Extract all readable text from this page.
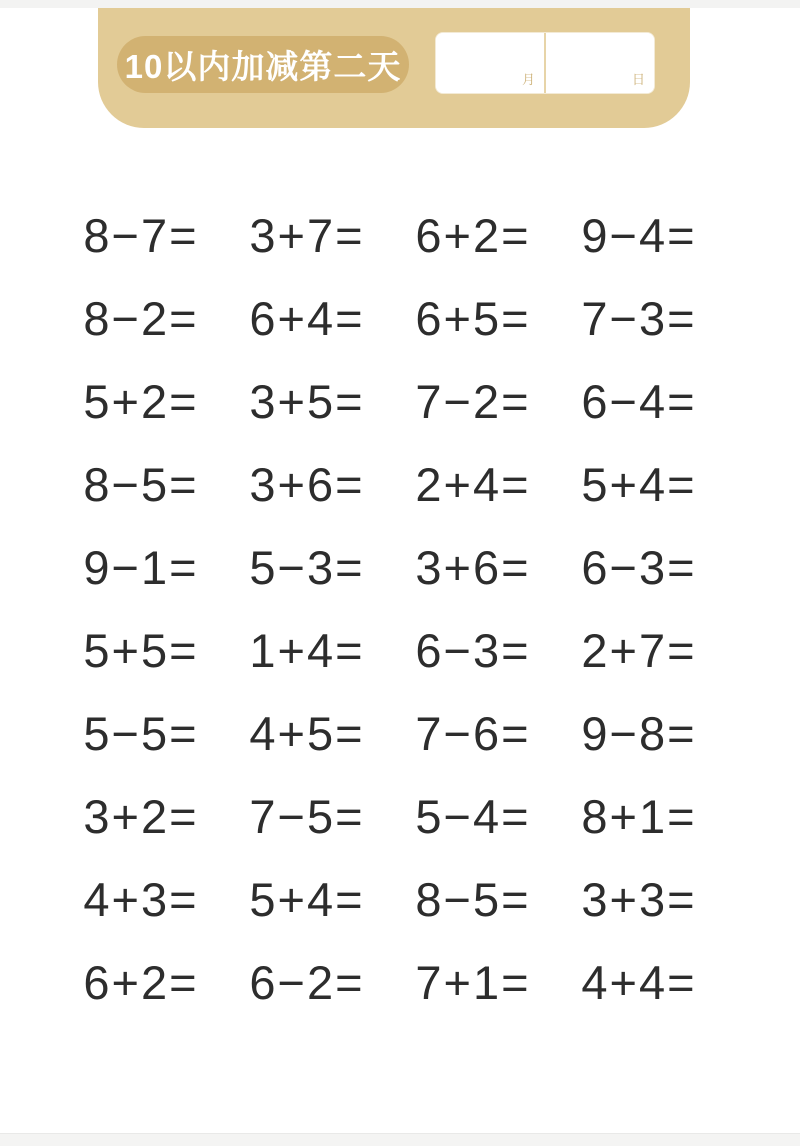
10以内加减第二天	月	日
8−7=	3+7=	6+2=	9−4=
8−2=	6+4=	6+5=	7−3=
5+2=	3+5=	7−2=	6−4=
8−5=	3+6=	2+4=	5+4=
9−1=	5−3=	3+6=	6−3=
5+5=	1+4=	6−3=	2+7=
5−5=	4+5=	7−6=	9−8=
3+2=	7−5=	5−4=	8+1=
4+3=	5+4=	8−5=	3+3=
6+2=	6−2=	7+1=	4+4=
